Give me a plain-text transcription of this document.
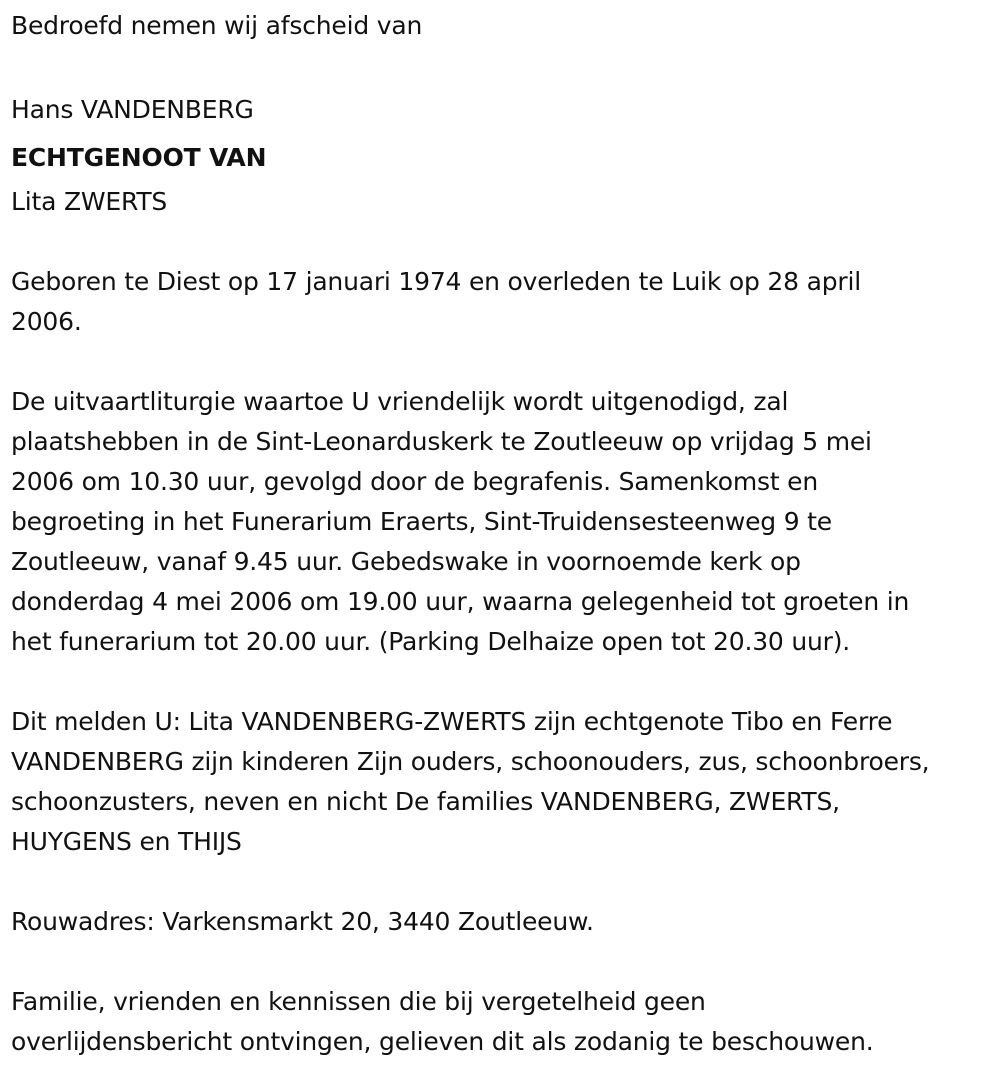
Bedroefd nemen wij afscheid van
Hans VANDENBERG
ECHTGENOOT VAN
Lita ZWERTS
Geboren te Diest op 17 januari 1974 en overleden te Luik op 28 april
2006.
De uitvaartliturgie waartoe U vriendelijk wordt uitgenodigd, zal
plaatshebben in de Sint-Leonarduskerk te Zoutleeuw op vrijdag 5 mei
2006 om 10.30 uur, gevolgd door de begrafenis. Samenkomst en
begroeting in het Funerarium Eraerts, Sint-Truidensesteenweg 9 te
Zoutleeuw, vanaf 9.45 uur. Gebedswake in voornoemde kerk op
donderdag 4 mei 2006 om 19.00 uur, waarna gelegenheid tot groeten in
het funerarium tot 20.00 uur. (Parking Delhaize open tot 20.30 uur).
Dit melden U: Lita VANDENBERG-ZWERTS zijn echtgenote Tibo en Ferre
VANDENBERG zijn kinderen Zijn ouders, schoonouders, zus, schoonbroers,
schoonzusters, neven en nicht De families VANDENBERG, ZWERTS,
HUYGENS en THIJS
Rouwadres: Varkensmarkt 20, 3440 Zoutleeuw.
Familie, vrienden en kennissen die bij vergetelheid geen
overlijdensbericht ontvingen, gelieven dit als zodanig te beschouwen.
